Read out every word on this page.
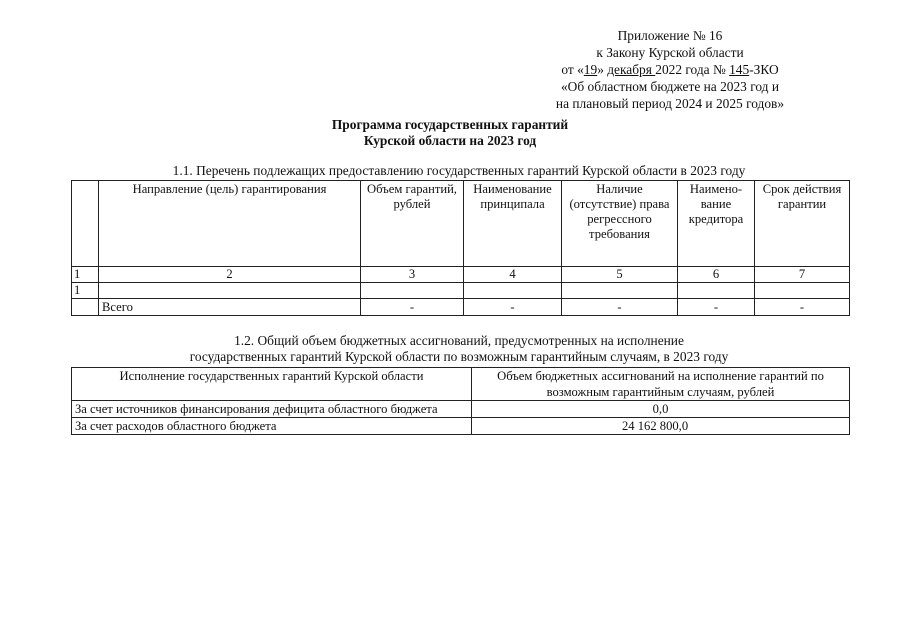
Приложение № 16
к Закону Курской области
от «19» декабря 2022 года № 145-ЗКО
«Об областном бюджете на 2023 год и
на плановый период 2024 и 2025 годов»
Программа государственных гарантий
Курской области на 2023 год
1.1. Перечень подлежащих предоставлению государственных гарантий Курской области в 2023 году
	Направление (цель) гарантирования	Объем гарантий, рублей	Наименование принципала	Наличие (отсутствие) права регрессного требования	Наимено-вание кредитора	Срок действия гарантии
1	2	3	4	5	6	7
1						
	Всего	-	-	-	-	-
1.2. Общий объем бюджетных ассигнований, предусмотренных на исполнение
государственных гарантий Курской области по возможным гарантийным случаям, в 2023 году
Исполнение государственных гарантий Курской области	Объем бюджетных ассигнований на исполнение гарантий по возможным гарантийным случаям, рублей
За счет источников финансирования дефицита областного бюджета	0,0
За счет расходов областного бюджета	24 162 800,0
